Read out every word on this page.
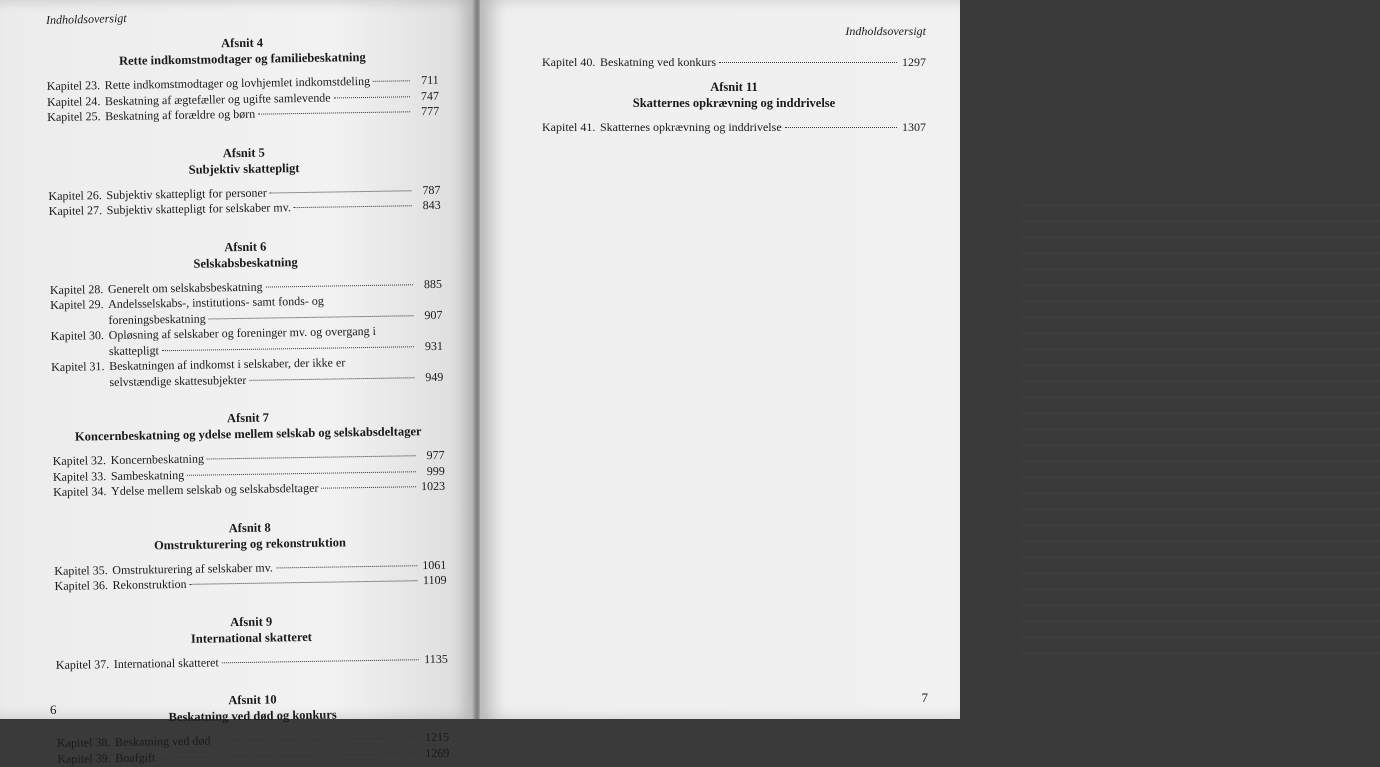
Indholdsoversigt
Afsnit 4
Rette indkomstmodtager og familiebeskatning
Kapitel 23. Rette indkomstmodtager og lovhjemlet indkomstdeling	711
Kapitel 24. Beskatning af ægtefæller og ugifte samlevende	747
Kapitel 25. Beskatning af forældre og børn	777
Afsnit 5
Subjektiv skattepligt
Kapitel 26. Subjektiv skattepligt for personer	787
Kapitel 27. Subjektiv skattepligt for selskaber mv.	843
Afsnit 6
Selskabsbeskatning
Kapitel 28. Generelt om selskabsbeskatning	885
Kapitel 29. Andelsselskabs-, institutions- samt fonds- og
foreningsbeskatning	907
Kapitel 30. Opløsning af selskaber og foreninger mv. og overgang i
skattepligt	931
Kapitel 31. Beskatningen af indkomst i selskaber, der ikke er
selvstændige skattesubjekter	949
Afsnit 7
Koncernbeskatning og ydelse mellem selskab og selskabsdeltager
Kapitel 32. Koncernbeskatning	977
Kapitel 33. Sambeskatning	999
Kapitel 34. Ydelse mellem selskab og selskabsdeltager	1023
Afsnit 8
Omstrukturering og rekonstruktion
Kapitel 35. Omstrukturering af selskaber mv.	1061
Kapitel 36. Rekonstruktion	1109
Afsnit 9
International skatteret
Kapitel 37. International skatteret	1135
Afsnit 10
Beskatning ved død og konkurs
Kapitel 38. Beskatning ved død	1215
Kapitel 39. Boafgift	1269
6
Indholdsoversigt
Kapitel 40. Beskatning ved konkurs	1297
Afsnit 11
Skatternes opkrævning og inddrivelse
Kapitel 41. Skatternes opkrævning og inddrivelse	1307
7
